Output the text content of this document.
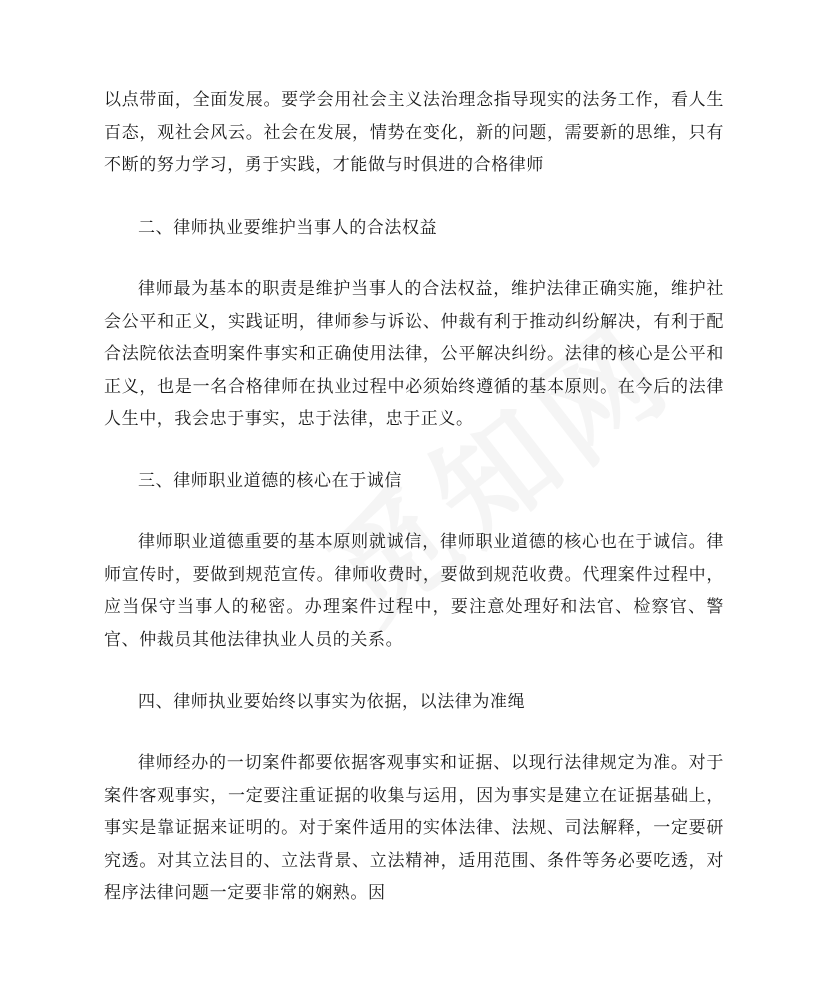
以点带面，全面发展。要学会用社会主义法治理念指导现实的法务工作，看人生百态，观社会风云。社会在发展，情势在变化，新的问题，需要新的思维，只有不断的努力学习，勇于实践，才能做与时俱进的合格律师

二、律师执业要维护当事人的合法权益

律师最为基本的职责是维护当事人的合法权益，维护法律正确实施，维护社会公平和正义，实践证明，律师参与诉讼、仲裁有利于推动纠纷解决，有利于配合法院依法查明案件事实和正确使用法律，公平解决纠纷。法律的核心是公平和正义，也是一名合格律师在执业过程中必须始终遵循的基本原则。在今后的法律人生中，我会忠于事实，忠于法律，忠于正义。

三、律师职业道德的核心在于诚信

律师职业道德重要的基本原则就诚信，律师职业道德的核心也在于诚信。律师宣传时，要做到规范宣传。律师收费时，要做到规范收费。代理案件过程中，应当保守当事人的秘密。办理案件过程中，要注意处理好和法官、检察官、警官、仲裁员其他法律执业人员的关系。

四、律师执业要始终以事实为依据，以法律为准绳

律师经办的一切案件都要依据客观事实和证据、以现行法律规定为准。对于案件客观事实，一定要注重证据的收集与运用，因为事实是建立在证据基础上，事实是靠证据来证明的。对于案件适用的实体法律、法规、司法解释，一定要研究透。对其立法目的、立法背景、立法精神，适用范围、条件等务必要吃透，对程序法律问题一定要非常的娴熟。因
